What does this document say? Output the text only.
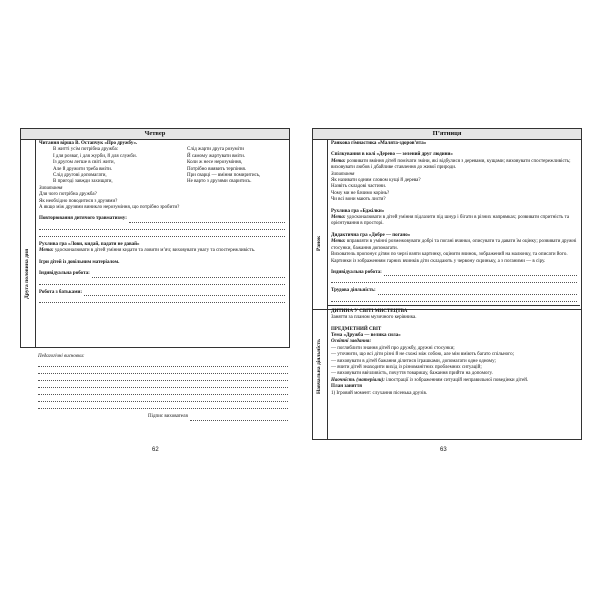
Четвер
Друга половина дня

Читання вірша В. Остапчук «Про дружбу».

В житті усім потрібна дружба:

І для розваг, і для журби, й для служби.

Із другом легше в світі жити,

Але й дружити треба вміти.

Слід другові допомагати,

В пригоді завжди захищати,

Слід жарти друга розуміти

Й самому жартувати вміти.

Коли ж несе нерозуміння,

Потрібно виявить терпіння.

При сварці — вміння помиритись,

Не варто з друзями сваритись.

Запитання

Для чого потрібна дружба?

Як необхідно поводитися з друзями?

А якщо між друзями виникло нерозуміння, що потрібно зробити?

Повторювання дитячого травматизму:

Рухлива гра «Лови, кидай, падати не давай»

Мета: удосконалювати в дітей уміння кидати та ловити м’яч; виховувати увагу та спостережливість.

Ігри дітей із довільним матеріалом.

Індивідуальна робота:
Робота з батьками:

Педагогічні висновки:

Підпис вихователя
62
П’ятниця
Ранок
Навчальна діяльність

Ранкова гімнастика «Малята-здоров’ята»

Спілкування в колі «Дерево — зелений друг людини»

Мета: розвивати вміння дітей помічати зміни, які відбулися з деревами, кущами; виховувати спостережливість; виховувати любов і дбайливе ставлення до живої природи.

Запитання

Як називати одним словом кущі й дерева?

Назвіть складові частини.

Чому ми не бачимо корінь?

Чи всі вони мають листя?

Рухлива гра «Бджілки»

Мета: удосконалювати в дітей уміння підлазити під шнур і бігати в різних напрямках; розвивати спритність та орієнтування в просторі.

Дидактична гра «Добре — погано»

Мета: вправляти в умінні розмежовувати добрі та погані вчинки, описувати та давати їм оцінку; розвивати дружні стосунки, бажання допомагати.

Вихователь пропонує дітям по черзі взяти картинку, оцінити вчинок, зображений на малюнку, та описати його. Картинки із зображенням гарних вчинків діти складають у червону скриньку, а з поганими — в сіру.

Індивідуальна робота:
Трудова діяльність:

ДИТИНА У СВІТІ МИСТЕЦТВА

Заняття за планом музичного керівника.

ПРЕДМЕТНИЙ СВІТ

Тема «Дружба — велика сила»

Освітні завдання:

— поглиблити знання дітей про дружбу, дружні стосунки;

— уточнити, що всі діти різні й не схожі між собою, але мім вміють багато спільного;

— виховувати в дітей бажання ділитися іграшками, допомагати одне одному;

— вчити дітей знаходити вихід із різноманітних проблемних ситуацій;

— виховувати ввічливість, почуття товаришу, бажання прийти на допомогу.

Наочність (матеріали): ілюстрації із зображенням ситуацій неправильної поведінки дітей.

План заняття

1) Ігровий момент: слухання пісенька друзів.

63
